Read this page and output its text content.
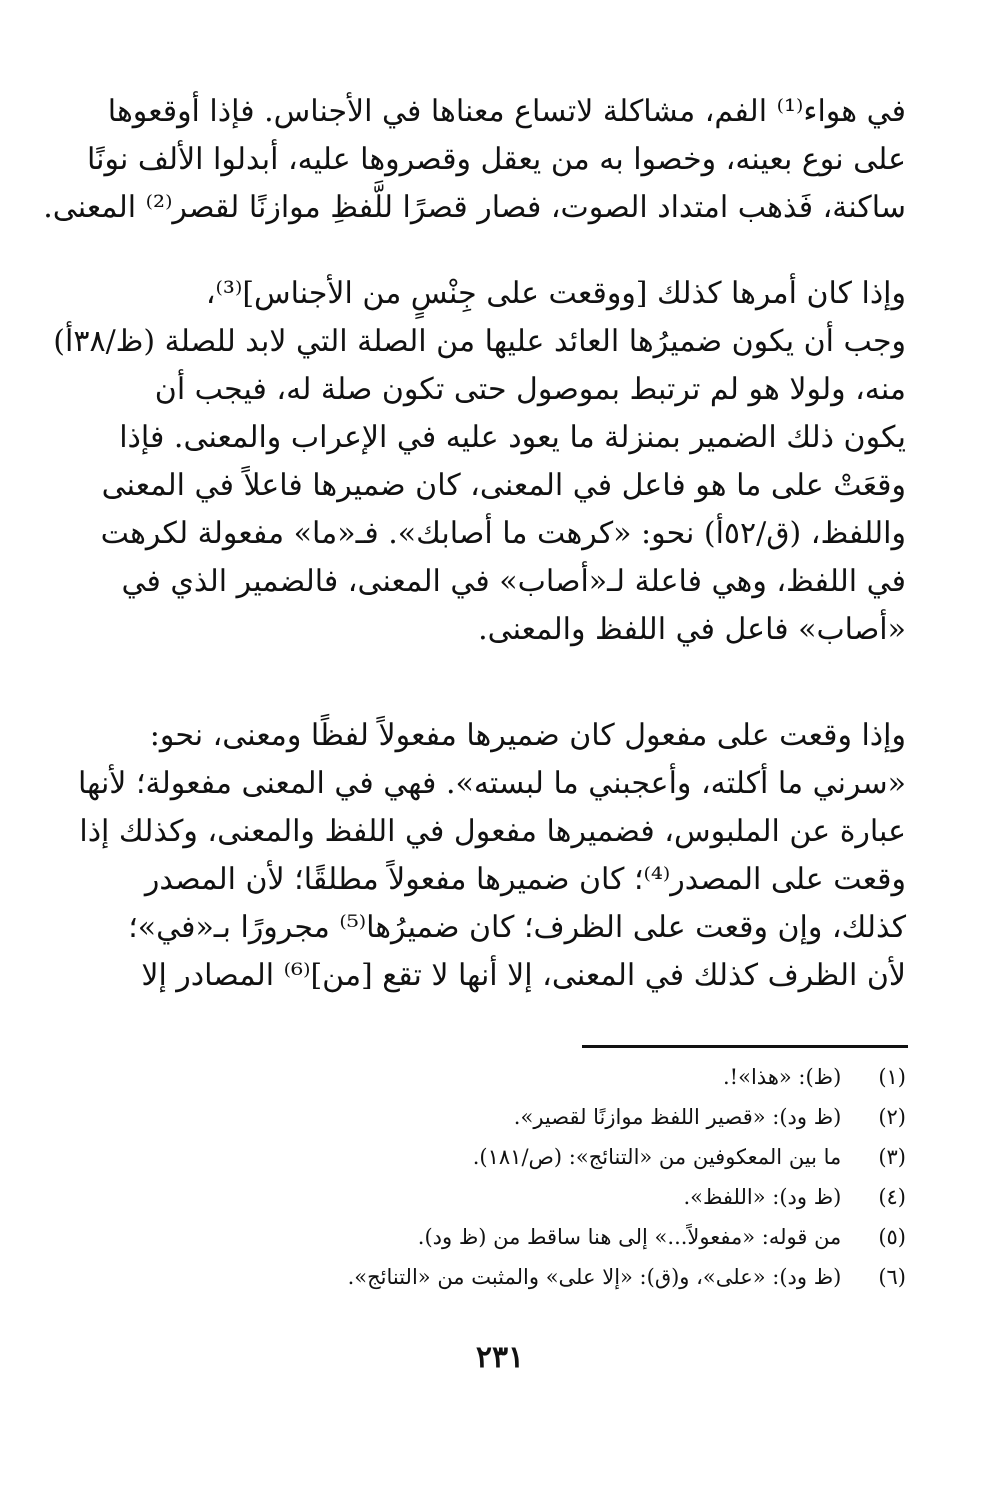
في هواء⁽¹⁾ الفم، مشاكلة لاتساع معناها في الأجناس. فإذا أوقعوها
على نوع بعينه، وخصوا به من يعقل وقصروها عليه، أبدلوا الألف نونًا
ساكنة، فَذهب امتداد الصوت، فصار قصرًا للَّفظِ موازنًا لقصر⁽²⁾ المعنى.
وإذا كان أمرها كذلك [ووقعت على جِنْسٍ من الأجناس]⁽³⁾،
وجب أن يكون ضميرُها العائد عليها من الصلة التي لابد للصلة (ظ/٣٨أ)
منه، ولولا هو لم ترتبط بموصول حتى تكون صلة له، فيجب أن
يكون ذلك الضمير بمنزلة ما يعود عليه في الإعراب والمعنى. فإذا
وقعَتْ على ما هو فاعل في المعنى، كان ضميرها فاعلاً في المعنى
واللفظ، (ق/٥٢أ) نحو: «كرهت ما أصابك». فـ«ما» مفعولة لكرهت
في اللفظ، وهي فاعلة لـ«أصاب» في المعنى، فالضمير الذي في
«أصاب» فاعل في اللفظ والمعنى.
وإذا وقعت على مفعول كان ضميرها مفعولاً لفظًا ومعنى، نحو:
«سرني ما أكلته، وأعجبني ما لبسته». فهي في المعنى مفعولة؛ لأنها
عبارة عن الملبوس، فضميرها مفعول في اللفظ والمعنى، وكذلك إذا
وقعت على المصدر⁽⁴⁾؛ كان ضميرها مفعولاً مطلقًا؛ لأن المصدر
كذلك، وإن وقعت على الظرف؛ كان ضميرُها⁽⁵⁾ مجرورًا بـ«في»؛
لأن الظرف كذلك في المعنى، إلا أنها لا تقع [من]⁽⁶⁾ المصادر إلا
(١) (ظ): «هذا»!.
(٢) (ظ ود): «قصير اللفظ موازنًا لقصير».
(٣) ما بين المعكوفين من «التنائج»: (ص/١٨١).
(٤) (ظ ود): «اللفظ».
(٥) من قوله: «مفعولاً...» إلى هنا ساقط من (ظ ود).
(٦) (ظ ود): «على»، و(ق): «إلا على» والمثبت من «التنائج».
٢٣١
